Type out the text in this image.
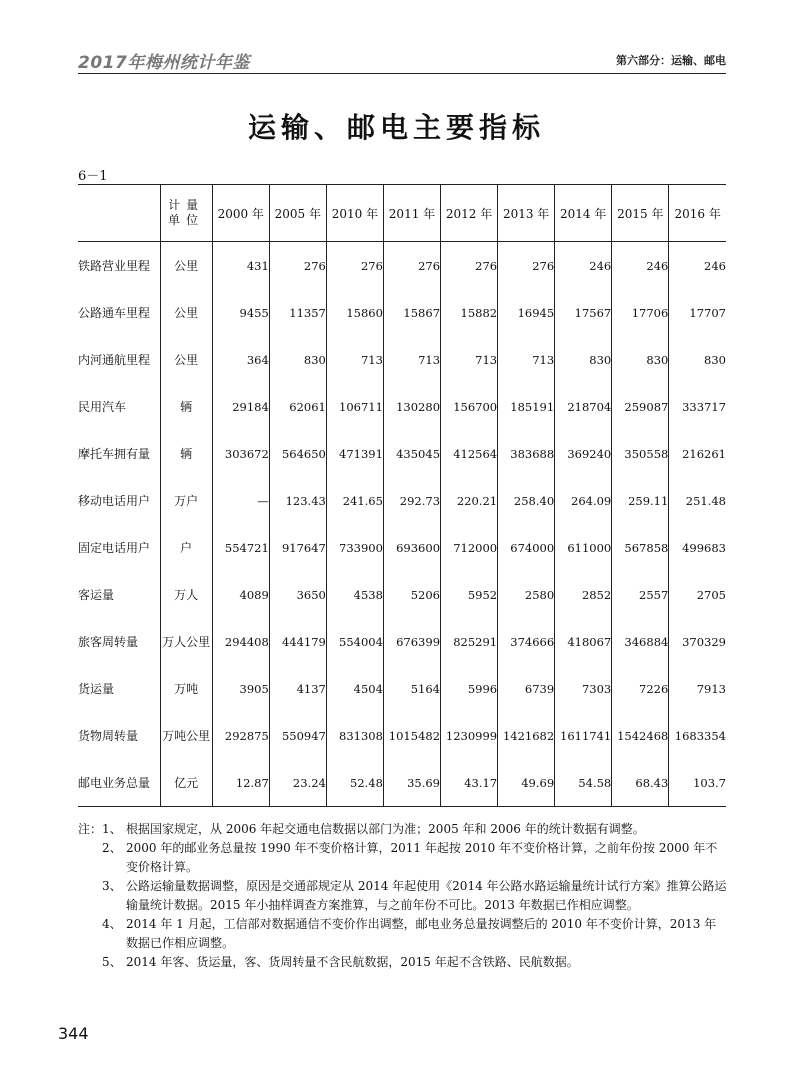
2017年梅州统计年鉴	第六部分：运输、邮电
运输、邮电主要指标
6－1

	计量
单位	2000 年	2005 年	2010 年	2011 年	2012 年	2013 年	2014 年	2015 年	2016 年
铁路营业里程	公里	431	276	276	276	276	276	246	246	246
公路通车里程	公里	9455	11357	15860	15867	15882	16945	17567	17706	17707
内河通航里程	公里	364	830	713	713	713	713	830	830	830
民用汽车	辆	29184	62061	106711	130280	156700	185191	218704	259087	333717
摩托车拥有量	辆	303672	564650	471391	435045	412564	383688	369240	350558	216261
移动电话用户	万户	—	123.43	241.65	292.73	220.21	258.40	264.09	259.11	251.48
固定电话用户	户	554721	917647	733900	693600	712000	674000	611000	567858	499683
客运量	万人	4089	3650	4538	5206	5952	2580	2852	2557	2705
旅客周转量	万人公里	294408	444179	554004	676399	825291	374666	418067	346884	370329
货运量	万吨	3905	4137	4504	5164	5996	6739	7303	7226	7913
货物周转量	万吨公里	292875	550947	831308	1015482	1230999	1421682	1611741	1542468	1683354
邮电业务总量	亿元	12.87	23.24	52.48	35.69	43.17	49.69	54.58	68.43	103.7
注： 1、 根据国家规定，从 2006 年起交通电信数据以部门为准；2005 年和 2006 年的统计数据有调整。
2、 2000 年的邮业务总量按 1990 年不变价格计算，2011 年起按 2010 年不变价格计算，之前年份按 2000 年不变价格计算。
3、 公路运输量数据调整，原因是交通部规定从 2014 年起使用《2014 年公路水路运输量统计试行方案》推算公路运输量统计数据。2015 年小抽样调查方案推算，与之前年份不可比。2013 年数据已作相应调整。
4、 2014 年 1 月起，工信部对数据通信不变价作出调整，邮电业务总量按调整后的 2010 年不变价计算，2013 年数据已作相应调整。
5、 2014 年客、货运量，客、货周转量不含民航数据，2015 年起不含铁路、民航数据。
344
